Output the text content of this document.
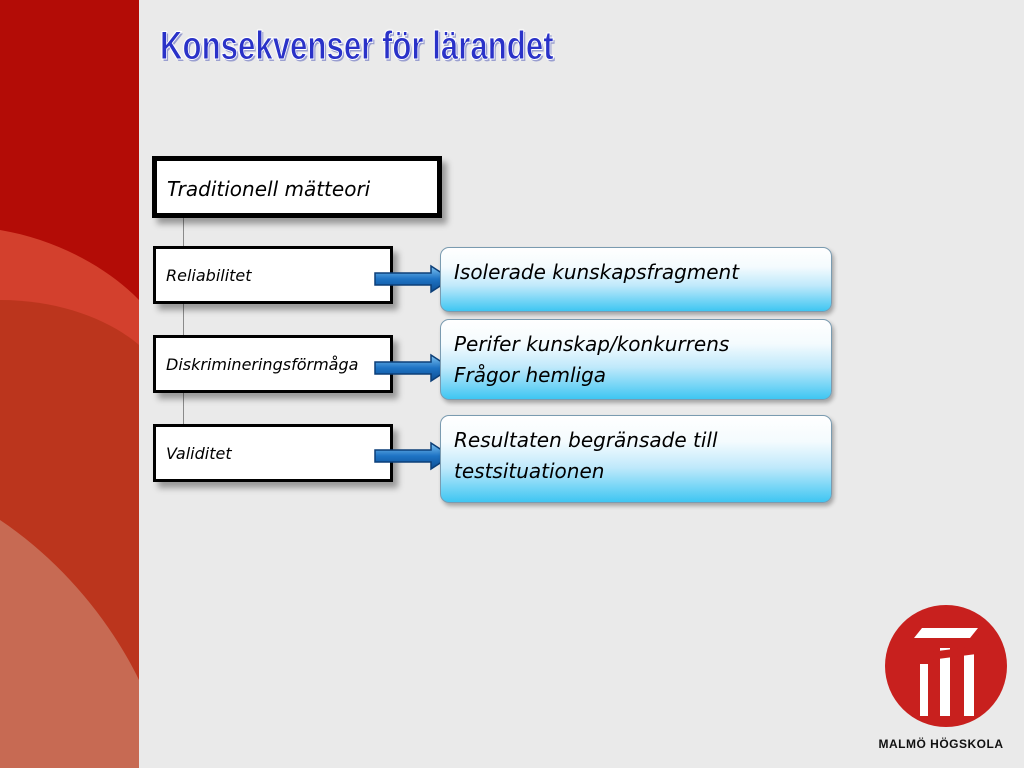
Konsekvenser för lärandet
Traditionell mätteori
Reliabilitet
Diskrimineringsförmåga
Validitet
Isolerade kunskapsfragment
Perifer kunskap/konkurrens
Frågor hemliga
Resultaten begränsade till
testsituationen
MALMÖ HÖGSKOLA
